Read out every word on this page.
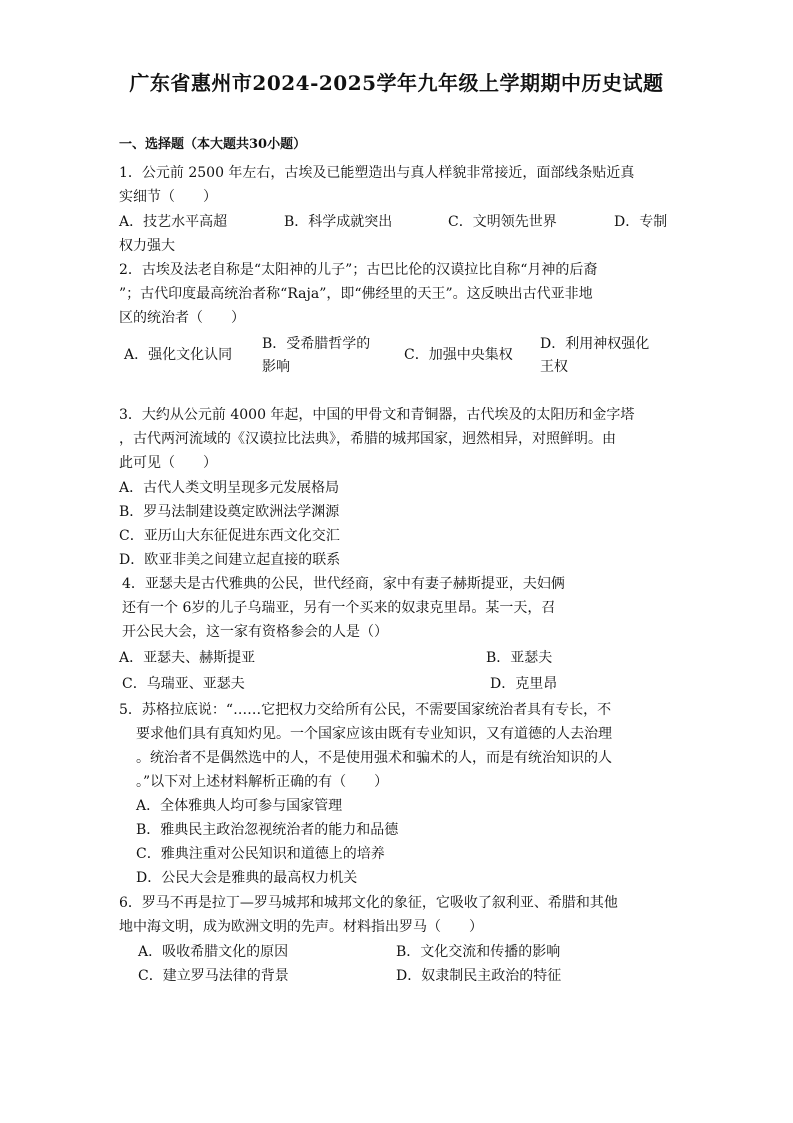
广东省惠州市2024-2025学年九年级上学期期中历史试题
一、选择题（本大题共30小题）
1．公元前 2500 年左右，古埃及已能塑造出与真人样貌非常接近，面部线条贴近真
实细节（　　）
A．技艺水平高超	B．科学成就突出	C．文明领先世界	D．专制
权力强大
2．古埃及法老自称是“太阳神的儿子”；古巴比伦的汉谟拉比自称“月神的后裔
”；古代印度最高统治者称“Raja”，即“佛经里的天王”。这反映出古代亚非地
区的统治者（　　）
A．强化文化认同
B．受希腊哲学的
影响
C．加强中央集权
D．利用神权强化
王权
3．大约从公元前 4000 年起，中国的甲骨文和青铜器，古代埃及的太阳历和金字塔
，古代两河流域的《汉谟拉比法典》，希腊的城邦国家，迥然相异，对照鲜明。由
此可见（　　）
A．古代人类文明呈现多元发展格局
B．罗马法制建设奠定欧洲法学渊源
C．亚历山大东征促进东西文化交汇
D．欧亚非美之间建立起直接的联系
4．亚瑟夫是古代雅典的公民，世代经商，家中有妻子赫斯提亚，夫妇俩
还有一个 6岁的儿子乌瑞亚，另有一个买来的奴隶克里昂。某一天，召
开公民大会，这一家有资格参会的人是（）
A．亚瑟夫、赫斯提亚	B．亚瑟夫
C．乌瑞亚、亚瑟夫	D．克里昂
5．苏格拉底说：“……它把权力交给所有公民，不需要国家统治者具有专长，不
要求他们具有真知灼见。一个国家应该由既有专业知识，又有道德的人去治理
。统治者不是偶然选中的人，不是使用强术和骗术的人，而是有统治知识的人
。”以下对上述材料解析正确的有（　　）
A．全体雅典人均可参与国家管理
B．雅典民主政治忽视统治者的能力和品德
C．雅典注重对公民知识和道德上的培养
D．公民大会是雅典的最高权力机关
6．罗马不再是拉丁—罗马城邦和城邦文化的象征，它吸收了叙利亚、希腊和其他
地中海文明，成为欧洲文明的先声。材料指出罗马（　　）
A．吸收希腊文化的原因	B．文化交流和传播的影响
C．建立罗马法律的背景	D．奴隶制民主政治的特征
